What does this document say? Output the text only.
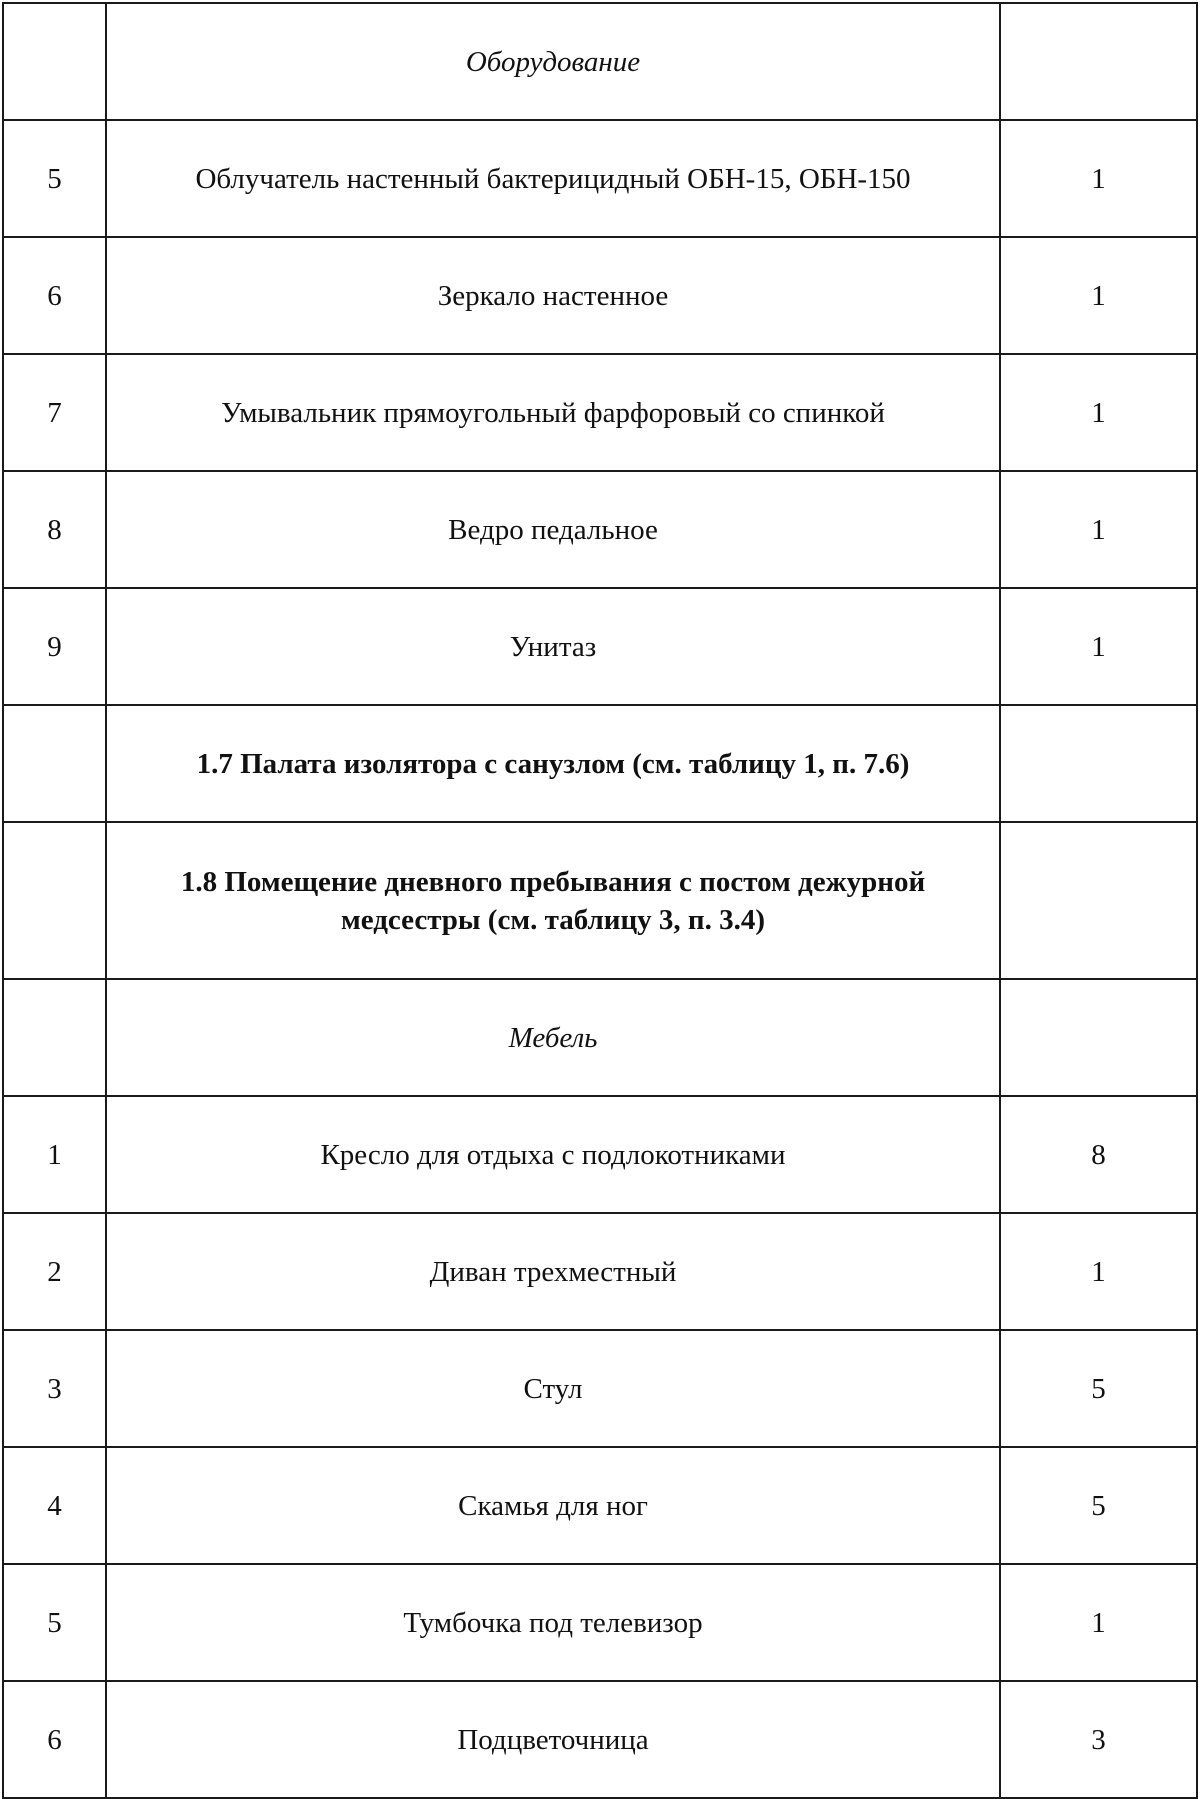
	Оборудование	
5	Облучатель настенный бактерицидный ОБН-15, ОБН-150	1
6	Зеркало настенное	1
7	Умывальник прямоугольный фарфоровый со спинкой	1
8	Ведро педальное	1
9	Унитаз	1
	1.7 Палата изолятора с санузлом (см. таблицу 1, п. 7.6)	
	1.8 Помещение дневного пребывания с постом дежурной медсестры (см. таблицу 3, п. 3.4)	
	Мебель	
1	Кресло для отдыха с подлокотниками	8
2	Диван трехместный	1
3	Стул	5
4	Скамья для ног	5
5	Тумбочка под телевизор	1
6	Подцветочница	3
